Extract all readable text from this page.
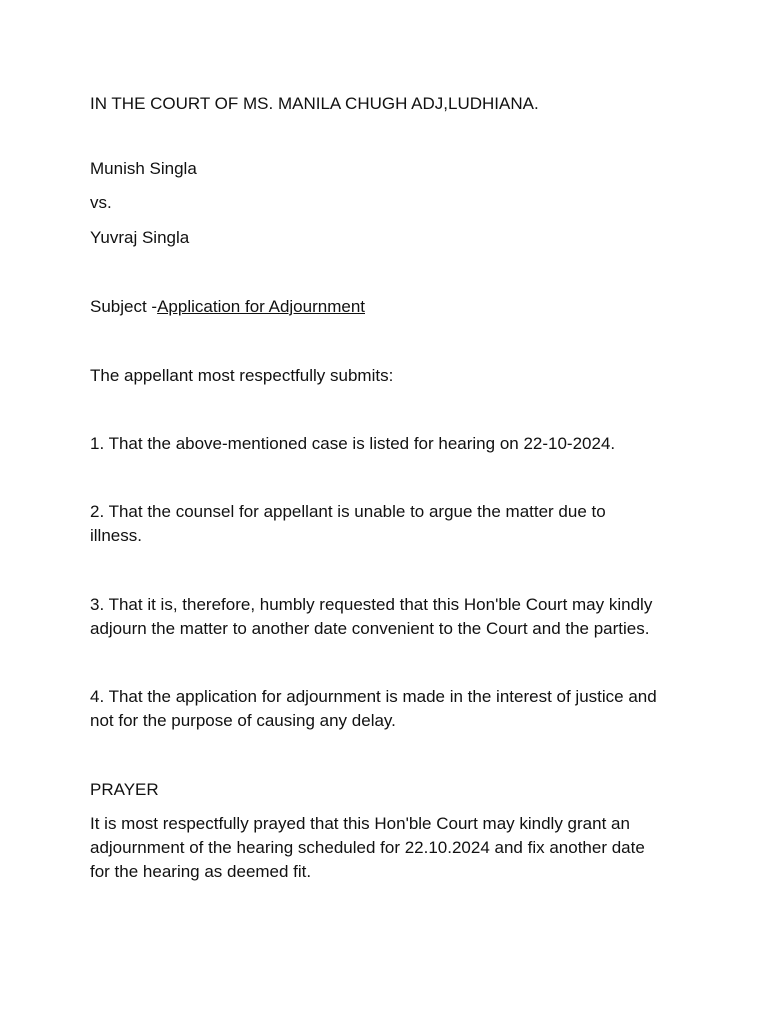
IN THE COURT OF MS. MANILA CHUGH ADJ,LUDHIANA.

Munish Singla

vs.

Yuvraj Singla

Subject -Application for Adjournment

The appellant most respectfully submits:

1. That the above-mentioned case is listed for hearing on 22-10-2024.

2. That the counsel for appellant is unable to argue the matter due to

illness.

3. That it is, therefore, humbly requested that this Hon'ble Court may kindly

adjourn the matter to another date convenient to the Court and the parties.

4. That the application for adjournment is made in the interest of justice and

not for the purpose of causing any delay.

PRAYER

It is most respectfully prayed that this Hon'ble Court may kindly grant an

adjournment of the hearing scheduled for 22.10.2024 and fix another date

for the hearing as deemed fit.
